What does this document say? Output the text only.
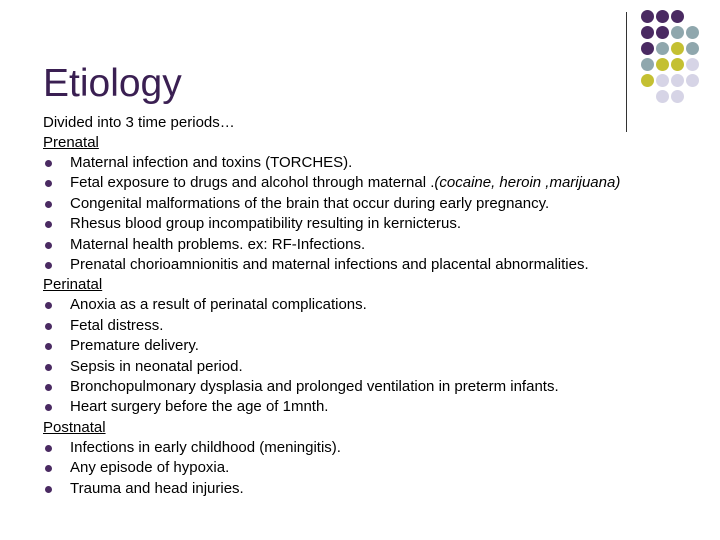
Etiology
Divided into 3 time periods…
Prenatal
Maternal infection and toxins (TORCHES).
Fetal exposure to drugs and alcohol through maternal .(cocaine, heroin ,marijuana)
Congenital malformations of the brain that occur during early pregnancy.
Rhesus blood group incompatibility resulting in kernicterus.
Maternal health problems. ex: RF-Infections.
Prenatal chorioamnionitis and maternal infections and placental abnormalities.
Perinatal
Anoxia as a result of perinatal complications.
Fetal distress.
Premature delivery.
Sepsis in neonatal period.
Bronchopulmonary dysplasia and prolonged ventilation in preterm infants.
Heart surgery before the age of 1mnth.
Postnatal
Infections in early childhood (meningitis).
Any episode of hypoxia.
Trauma and head injuries.
